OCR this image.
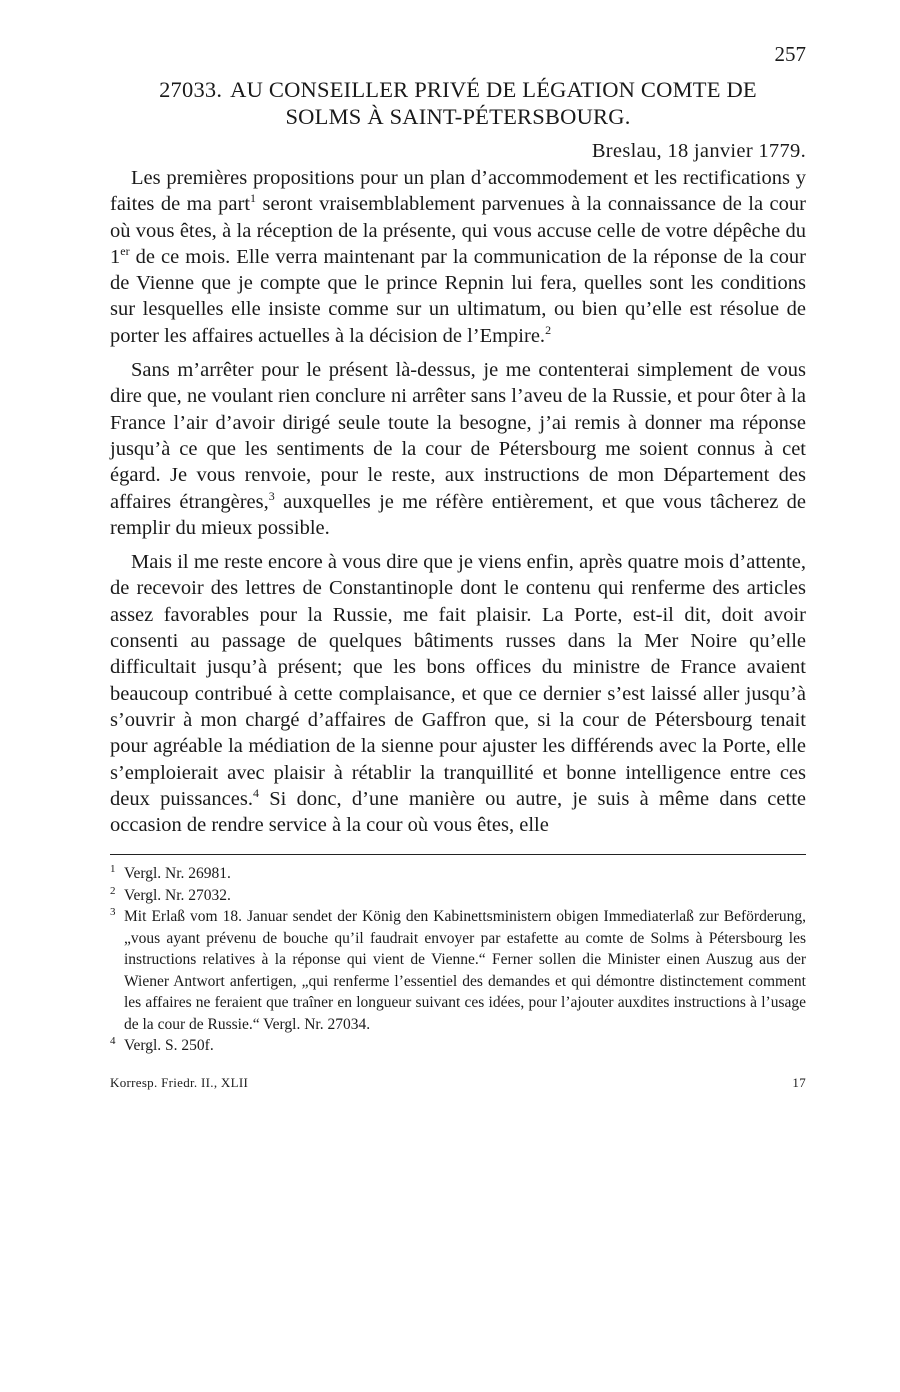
257
27033. AU CONSEILLER PRIVÉ DE LÉGATION COMTE DE
SOLMS À SAINT-PÉTERSBOURG.
Breslau, 18 janvier 1779.

Les premières propositions pour un plan d’accommodement et les rectifications y faites de ma part$^1$ seront vraisemblablement parvenues à la connaissance de la cour où vous êtes, à la réception de la présente, qui vous accuse celle de votre dépêche du 1er de ce mois. Elle verra maintenant par la communication de la réponse de la cour de Vienne que je compte que le prince Repnin lui fera, quelles sont les conditions sur lesquelles elle insiste comme sur un ultimatum, ou bien qu’elle est résolue de porter les affaires actuelles à la décision de l’Empire.$^2$

Sans m’arrêter pour le présent là-dessus, je me contenterai simplement de vous dire que, ne voulant rien conclure ni arrêter sans l’aveu de la Russie, et pour ôter à la France l’air d’avoir dirigé seule toute la besogne, j’ai remis à donner ma réponse jusqu’à ce que les sentiments de la cour de Pétersbourg me soient connus à cet égard. Je vous renvoie, pour le reste, aux instructions de mon Département des affaires étrangères,$^3$ auxquelles je me réfère entièrement, et que vous tâcherez de remplir du mieux possible.

Mais il me reste encore à vous dire que je viens enfin, après quatre mois d’attente, de recevoir des lettres de Constantinople dont le contenu qui renferme des articles assez favorables pour la Russie, me fait plaisir. La Porte, est-il dit, doit avoir consenti au passage de quelques bâtiments russes dans la Mer Noire qu’elle difficultait jusqu’à présent; que les bons offices du ministre de France avaient beaucoup contribué à cette complaisance, et que ce dernier s’est laissé aller jusqu’à s’ouvrir à mon chargé d’affaires de Gaffron que, si la cour de Pétersbourg tenait pour agréable la médiation de la sienne pour ajuster les différends avec la Porte, elle s’emploierait avec plaisir à rétablir la tranquillité et bonne intelligence entre ces deux puissances.$^4$ Si donc, d’une manière ou autre, je suis à même dans cette occasion de rendre service à la cour où vous êtes, elle

1 Vergl. Nr. 26981.

2 Vergl. Nr. 27032.

3 Mit Erlaß vom 18. Januar sendet der König den Kabinettsministern obigen Immediaterlaß zur Beförderung, „vous ayant prévenu de bouche qu’il faudrait envoyer par estafette au comte de Solms à Pétersbourg les instructions relatives à la réponse qui vient de Vienne.“ Ferner sollen die Minister einen Auszug aus der Wiener Antwort anfertigen, „qui renferme l’essentiel des demandes et qui démontre distinctement comment les affaires ne feraient que traîner en longueur suivant ces idées, pour l’ajouter auxdites instructions à l’usage de la cour de Russie.“ Vergl. Nr. 27034.

4 Vergl. S. 250f.

Korresp. Friedr. II., XLII	17
